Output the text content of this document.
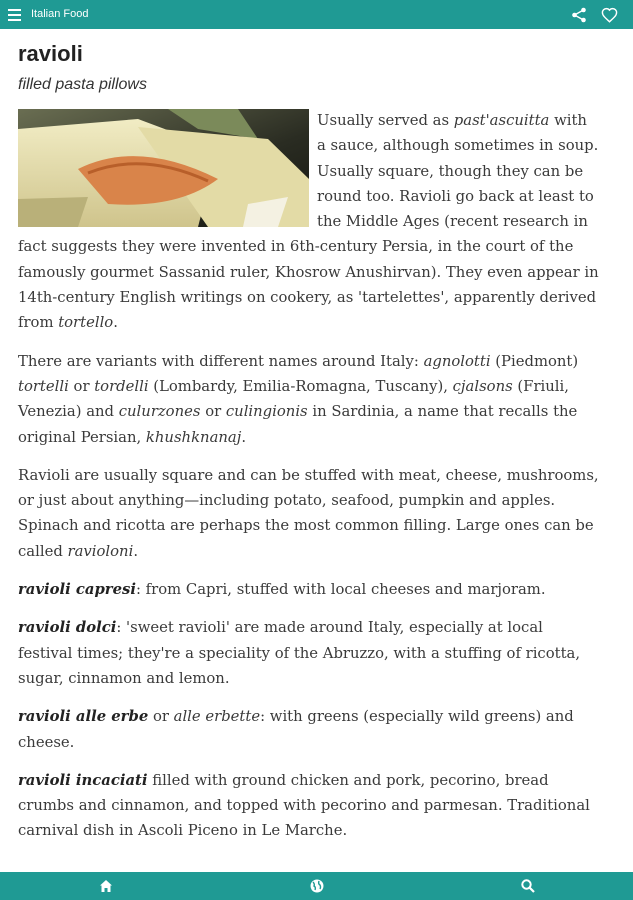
Italian Food
ravioli
filled pasta pillows

Usually served as past'ascuitta with a sauce, although sometimes in soup. Usually square, though they can be round too. Ravioli go back at least to the Middle Ages (recent research in fact suggests they were invented in 6th-century Persia, in the court of the famously gourmet Sassanid ruler, Khosrow Anushirvan). They even appear in 14th-century English writings on cookery, as 'tartelettes', apparently derived from tortello.

There are variants with different names around Italy: agnolotti (Piedmont) tortelli or tordelli (Lombardy, Emilia-Romagna, Tuscany), cjalsons (Friuli, Venezia) and culurzones or culingionis in Sardinia, a name that recalls the original Persian, khushknanaj.

Ravioli are usually square and can be stuffed with meat, cheese, mushrooms, or just about anything—including potato, seafood, pumpkin and apples. Spinach and ricotta are perhaps the most common filling. Large ones can be called ravioloni.

ravioli capresi: from Capri, stuffed with local cheeses and marjoram.

ravioli dolci: 'sweet ravioli' are made around Italy, especially at local festival times; they're a speciality of the Abruzzo, with a stuffing of ricotta, sugar, cinnamon and lemon.

ravioli alle erbe or alle erbette: with greens (especially wild greens) and cheese.

ravioli incaciati filled with ground chicken and pork, pecorino, bread crumbs and cinnamon, and topped with pecorino and parmesan. Traditional carnival dish in Ascoli Piceno in Le Marche.
